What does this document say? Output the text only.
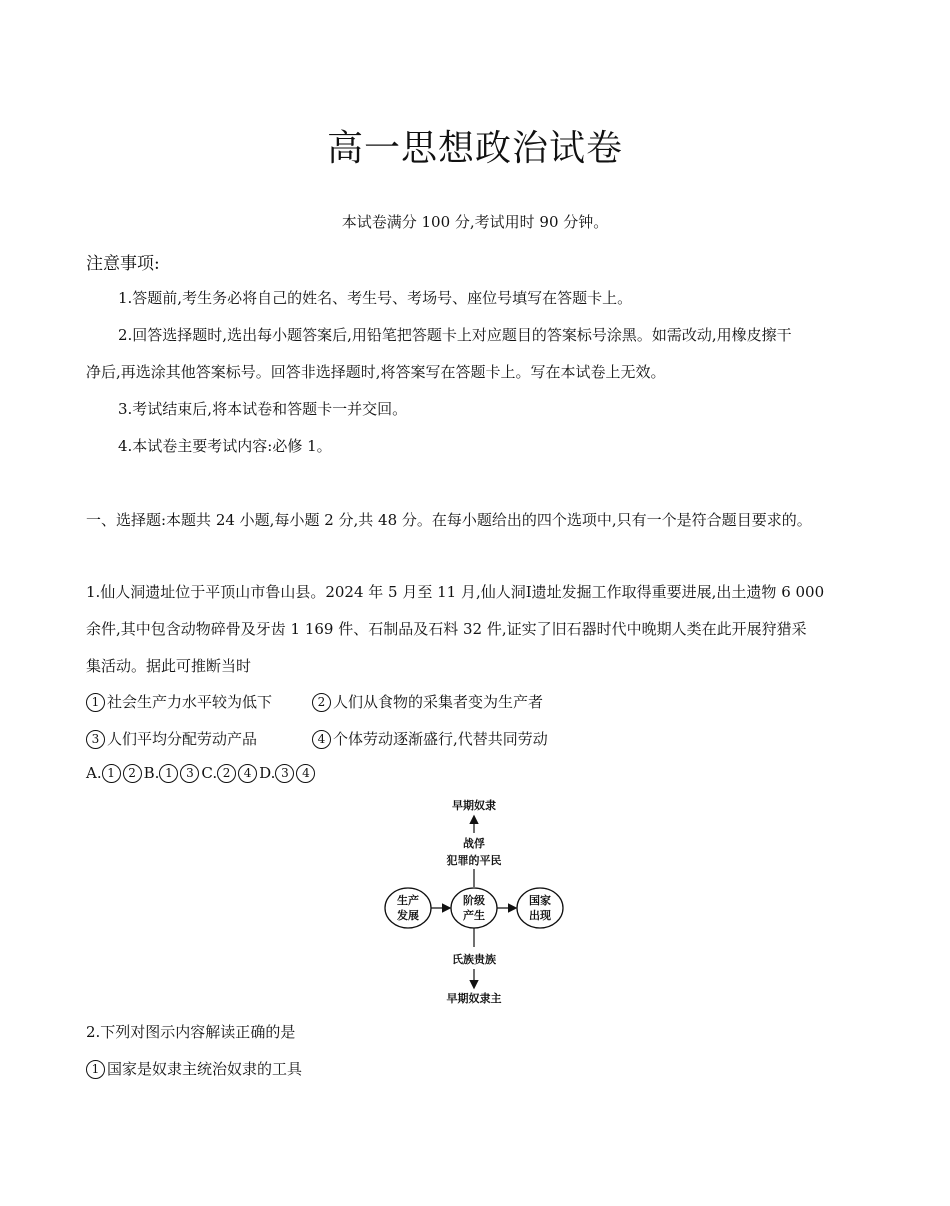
高一思想政治试卷
本试卷满分 100 分,考试用时 90 分钟。
注意事项:
1.答题前,考生务必将自己的姓名、考生号、考场号、座位号填写在答题卡上。
2.回答选择题时,选出每小题答案后,用铅笔把答题卡上对应题目的答案标号涂黑。如需改动,用橡皮擦干
净后,再选涂其他答案标号。回答非选择题时,将答案写在答题卡上。写在本试卷上无效。
3.考试结束后,将本试卷和答题卡一并交回。
4.本试卷主要考试内容:必修 1。
一、选择题:本题共 24 小题,每小题 2 分,共 48 分。在每小题给出的四个选项中,只有一个是符合题目要求的。
1.仙人洞遗址位于平顶山市鲁山县。2024 年 5 月至 11 月,仙人洞I遗址发掘工作取得重要进展,出土遗物 6 000
余件,其中包含动物碎骨及牙齿 1 169 件、石制品及石料 32 件,证实了旧石器时代中晚期人类在此开展狩猎采
集活动。据此可推断当时
1 社会生产力水平较为低下	2 人们从食物的采集者变为生产者
3 人们平均分配劳动产品	4 个体劳动逐渐盛行,代替共同劳动
A. 1 2 B. 1 3 C. 2 4 D. 3 4
早期奴隶
战俘
犯罪的平民
生产
发展
阶级
产生
国家
出现
氏族贵族
早期奴隶主
2.下列对图示内容解读正确的是
1 国家是奴隶主统治奴隶的工具
